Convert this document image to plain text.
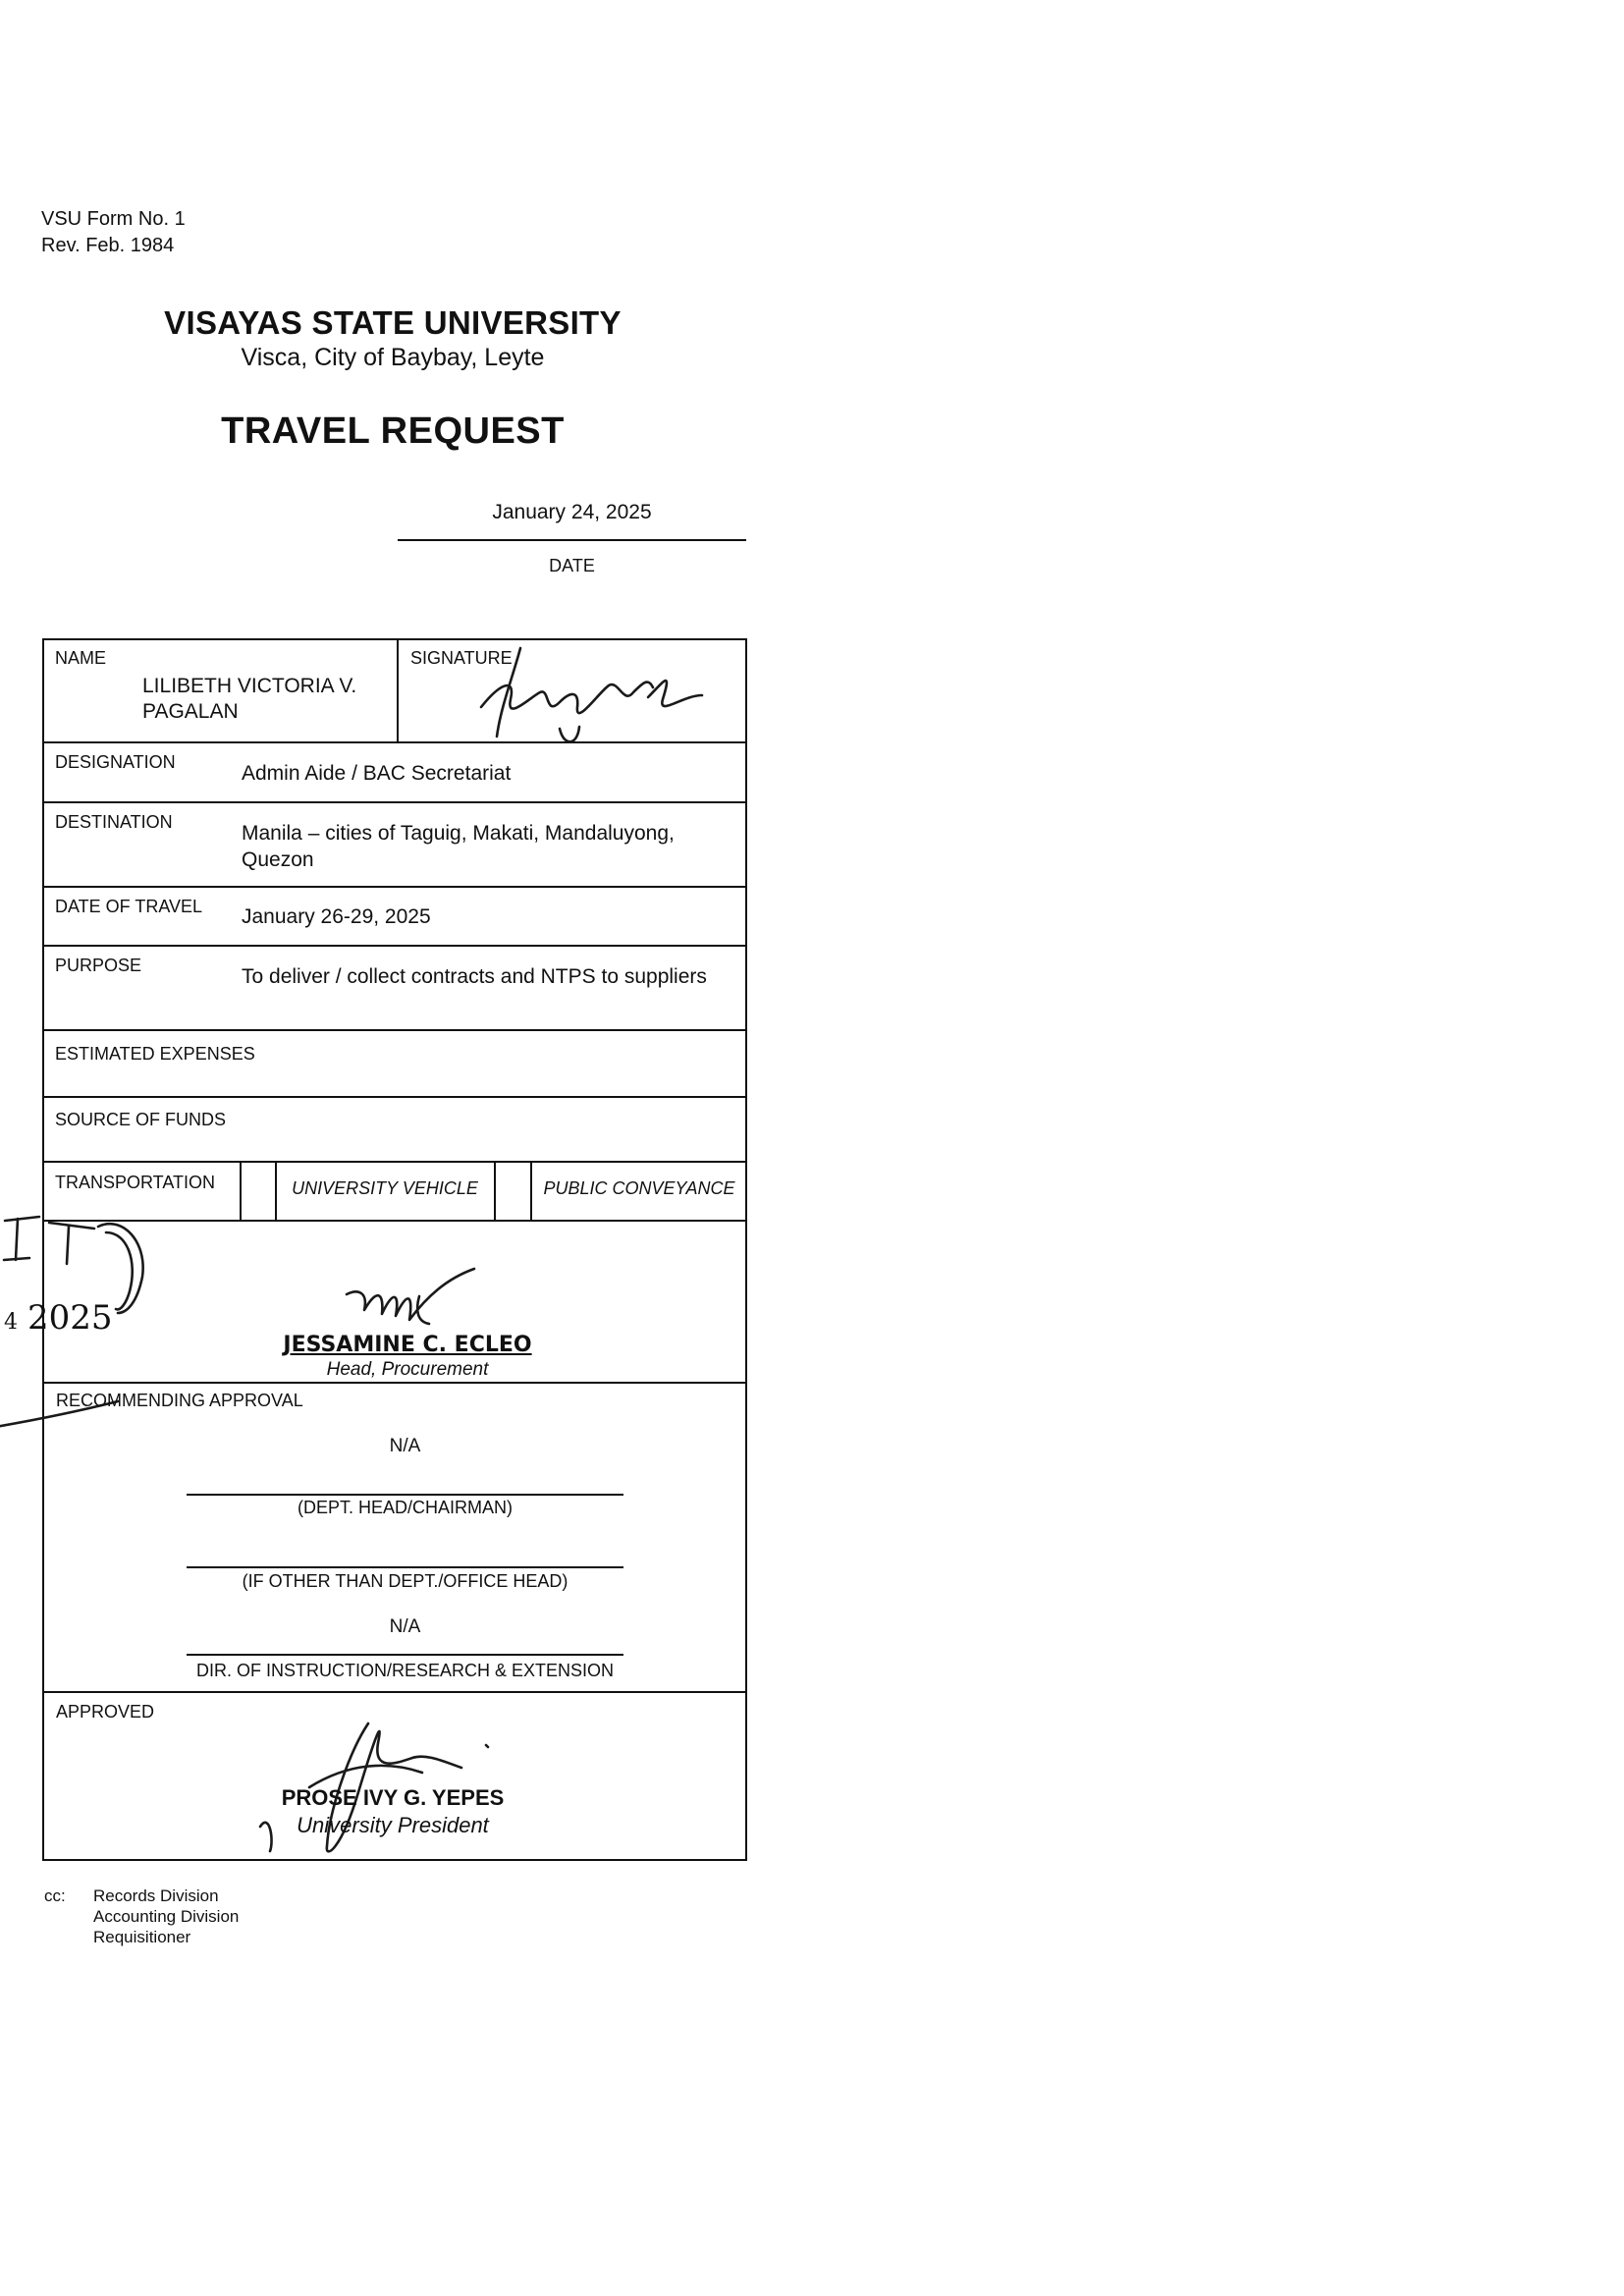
VSU Form No. 1
Rev. Feb. 1984
VISAYAS STATE UNIVERSITY
Visca, City of Baybay, Leyte
TRAVEL REQUEST
January 24, 2025
DATE
NAME
LILIBETH VICTORIA V.
PAGALAN
SIGNATURE
DESIGNATION	Admin Aide / BAC Secretariat
DESTINATION	Manila – cities of Taguig, Makati, Mandaluyong,
Quezon
DATE OF TRAVEL January 26-29, 2025
PURPOSE	To deliver / collect contracts and NTPS to suppliers
ESTIMATED EXPENSES
SOURCE OF FUNDS
TRANSPORTATION	UNIVERSITY VEHICLE	PUBLIC CONVEYANCE
JESSAMINE C. ECLEO
Head, Procurement
4 2025
RECOMMENDING APPROVAL
N/A
(DEPT. HEAD/CHAIRMAN)
(IF OTHER THAN DEPT./OFFICE HEAD)
N/A
DIR. OF INSTRUCTION/RESEARCH & EXTENSION
APPROVED
PROSE IVY G. YEPES
University President
cc: Records Division
Accounting Division
Requisitioner
